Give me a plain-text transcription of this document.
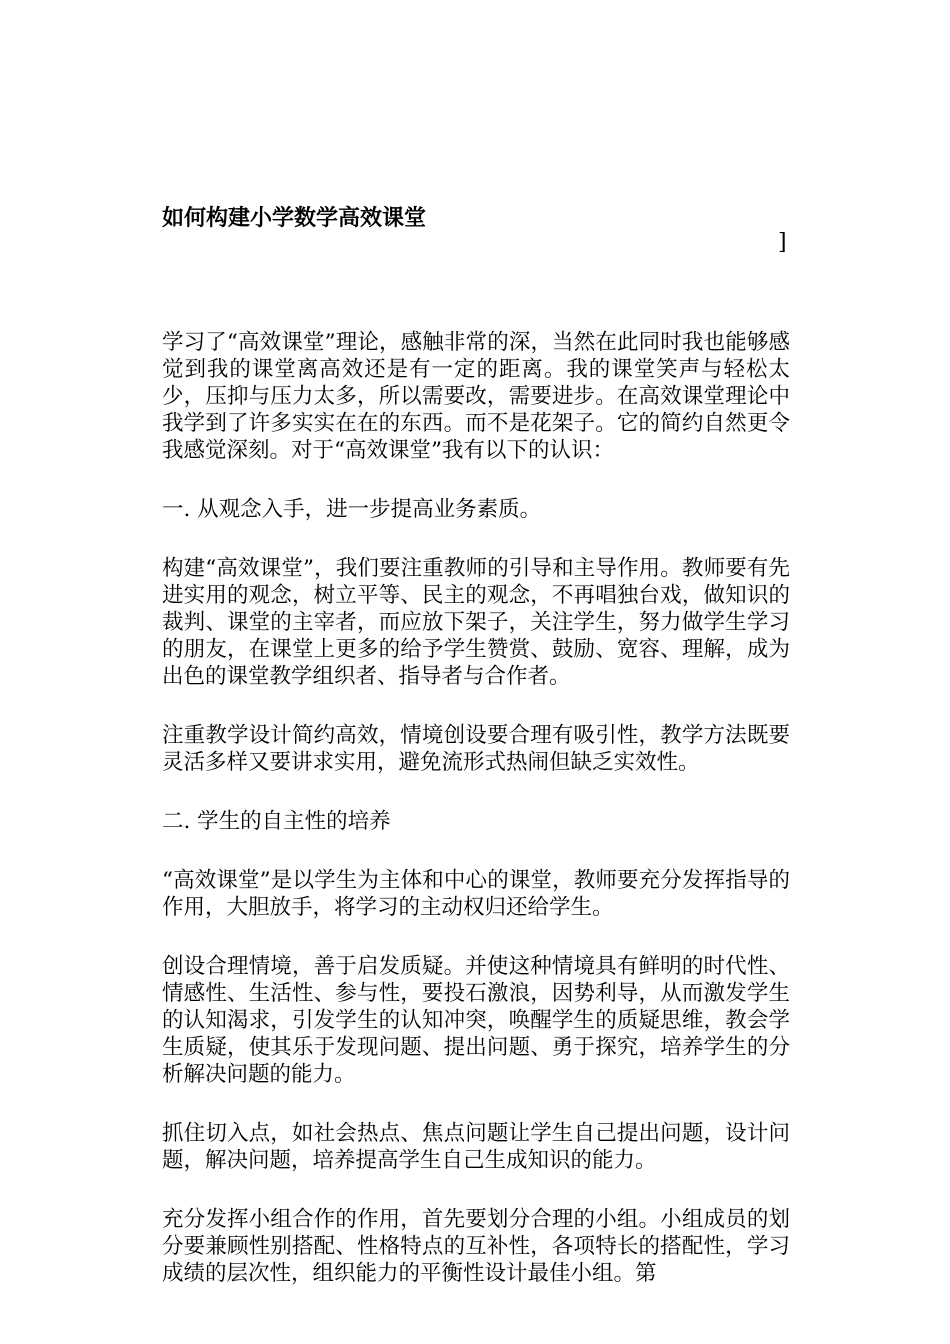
如何构建小学数学高效课堂
]

学习了“高效课堂”理论，感触非常的深，当然在此同时我也能够感觉到我的课堂离高效还是有一定的距离。我的课堂笑声与轻松太少，压抑与压力太多，所以需要改，需要进步。在高效课堂理论中我学到了许多实实在在的东西。而不是花架子。它的简约自然更令我感觉深刻。对于“高效课堂”我有以下的认识：

一. 从观念入手，进一步提高业务素质。

构建“高效课堂”，我们要注重教师的引导和主导作用。教师要有先进实用的观念，树立平等、民主的观念，不再唱独台戏，做知识的裁判、课堂的主宰者，而应放下架子，关注学生，努力做学生学习的朋友，在课堂上更多的给予学生赞赏、鼓励、宽容、理解，成为出色的课堂教学组织者、指导者与合作者。

注重教学设计简约高效，情境创设要合理有吸引性，教学方法既要灵活多样又要讲求实用，避免流形式热闹但缺乏实效性。

二. 学生的自主性的培养

“高效课堂”是以学生为主体和中心的课堂，教师要充分发挥指导的作用，大胆放手，将学习的主动权归还给学生。

创设合理情境，善于启发质疑。并使这种情境具有鲜明的时代性、情感性、生活性、参与性，要投石激浪，因势利导，从而激发学生的认知渴求，引发学生的认知冲突，唤醒学生的质疑思维，教会学生质疑，使其乐于发现问题、提出问题、勇于探究，培养学生的分析解决问题的能力。

抓住切入点，如社会热点、焦点问题让学生自己提出问题，设计问题，解决问题，培养提高学生自己生成知识的能力。

充分发挥小组合作的作用，首先要划分合理的小组。小组成员的划分要兼顾性别搭配、性格特点的互补性，各项特长的搭配性，学习成绩的层次性，组织能力的平衡性设计最佳小组。第
